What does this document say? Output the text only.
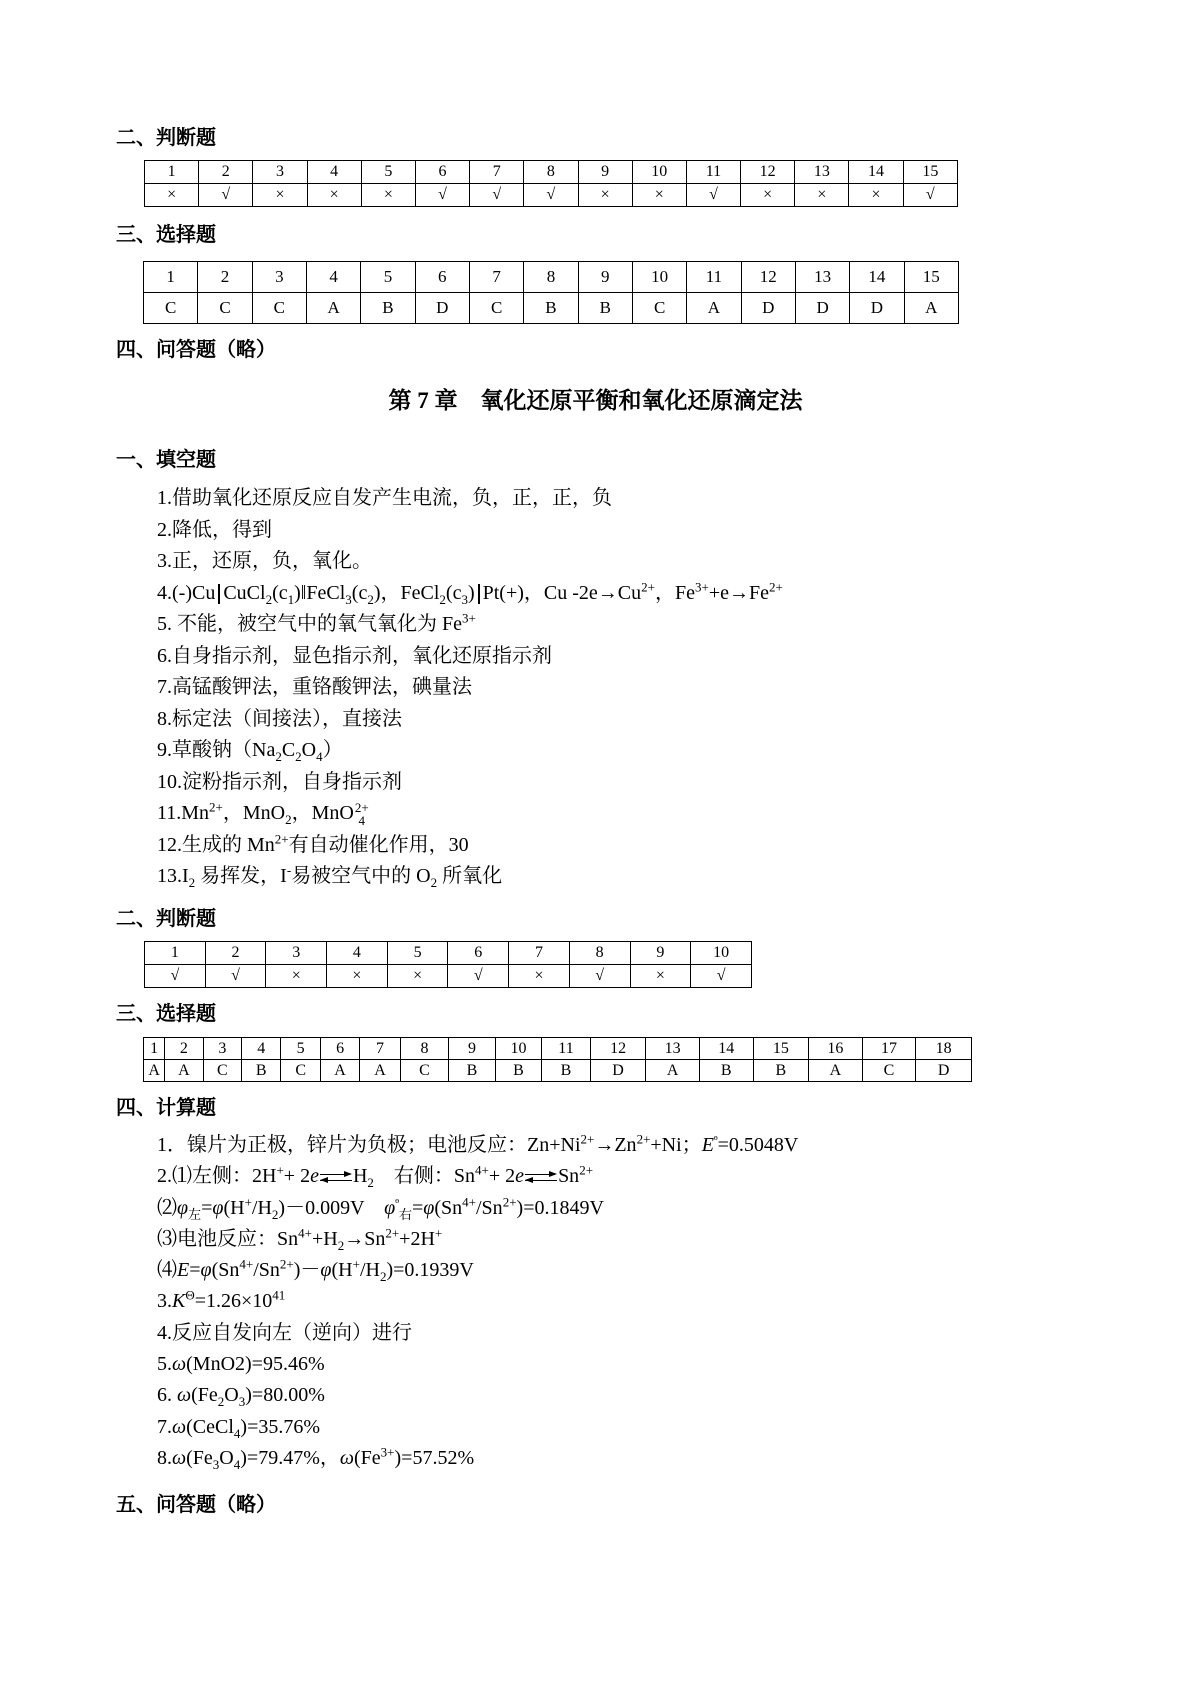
二、判断题
1	2	3	4	5	6	7	8	9	10	11	12	13	14	15
×	√	×	×	×	√	√	√	×	×	√	×	×	×	√
三、选择题
1	2	3	4	5	6	7	8	9	10	11	12	13	14	15
C	C	C	A	B	D	C	B	B	C	A	D	D	D	A
四、问答题（略）
第 7 章　氧化还原平衡和氧化还原滴定法
一、填空题
1.借助氧化还原反应自发产生电流，负，正，正，负
2.降低，得到
3.正，还原，负，氧化。
4.(-)Cu $CuCl_2(c_1)‖FeCl_3(c_2)$，$FeCl_2(c_3)$ Pt(+)，Cu $-2e\to Cu^{2+}$，$Fe^{3+}+e\to Fe^{2+}$
5. 不能，被空气中的氧气氧化为 $Fe^{3+}$
6.自身指示剂，显色指示剂，氧化还原指示剂
7.高锰酸钾法，重铬酸钾法，碘量法
8.标定法（间接法），直接法
9.草酸钠$(Na_2C_2O_4)$
10.淀粉指示剂，自身指示剂
$11.Mn^{2+}$，MnO$_2$，MnO 2+
4
12.生成的 $Mn^{2+}$有自动催化作用，30
$13.I_2$ 易挥发，I-易被空气中的 $O_2$ 所氧化
二、判断题
1	2	3	4	5	6	7	8	9	10
√	√	×	×	×	√	×	√	×	√
三、选择题
1	2	3	4	5	6	7	8	9	10	11	12	13	14	15	16	17	18
A	A	C	B	C	A	A	C	B	B	B	D	A	B	B	A	C	D
四、计算题
1．镍片为正极，锌片为负极；电池反应：$Zn+Ni^{2+}\to Zn^{2+}+Ni$；$E^ᶱ=0.5048V$
2.⑴左侧：2H++ 2e $H_2$　右侧：$Sn^{4+}+ 2e$ $Sn^{2+}$
$⑵\varphi_左=\varphi(H^+/H_2)-0.009V$　$\varphi^ᶱ_右=\varphi(Sn^{4+}/Sn^{2+})=0.1849V$
⑶电池反应：$Sn^{4+}+H_2\to Sn^{2+}+2H^+$
$⑷E=\varphi(Sn^{4+}/Sn^{2+})-\varphi(H^+/H_2)=0.1939V$
$3.K^\Theta=1.26\times 10^{41}$
4.反应自发向左（逆向）进行
5.ω(MnO2)=95.46%
6. $\omega(Fe_2O_3)=80.00\%$
7.ω(CeCl$_4$)=35.76%
$8.\omega(Fe_3O_4)=79.47\%$，$\omega(Fe^{3+})=57.52\%$
五、问答题（略）
